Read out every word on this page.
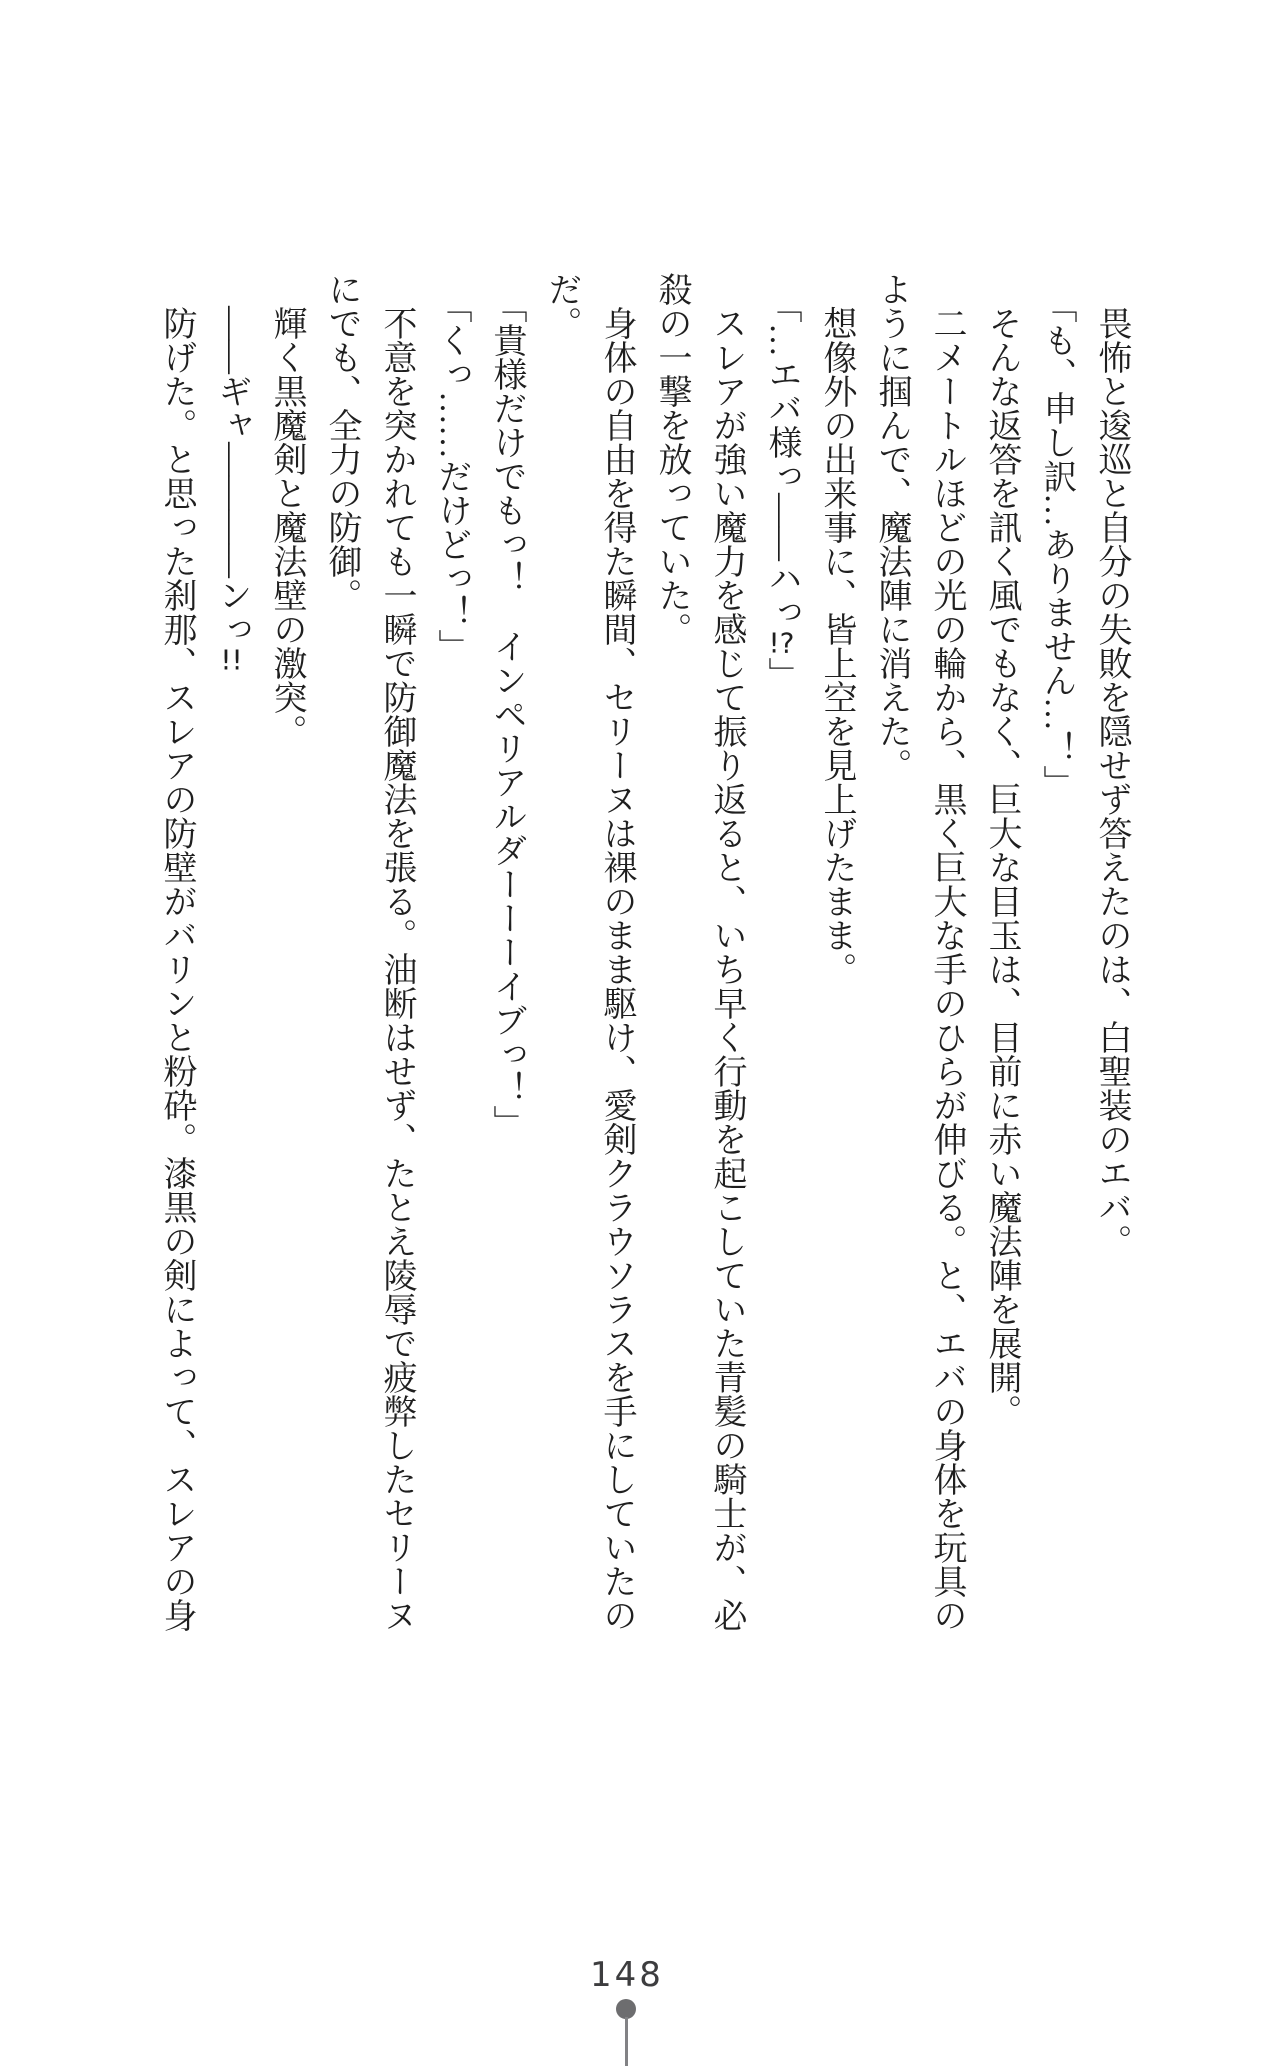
畏怖と逡巡と自分の失敗を隠せず答えたのは、白聖装のエバ。

「も、申し訳…ありません…！」

そんな返答を訊く風でもなく、巨大な目玉は、目前に赤い魔法陣を展開。

二メートルほどの光の輪から、黒く巨大な手のひらが伸びる。と、エバの身体を玩具の

ように掴んで、魔法陣に消えた。

想像外の出来事に、皆上空を見上げたまま。

「…エバ様っ――ハっ!?」

スレアが強い魔力を感じて振り返ると、いち早く行動を起こしていた青髪の騎士が、必

殺の一撃を放っていた。

身体の自由を得た瞬間、セリーヌは裸のまま駆け、愛剣クラウソラスを手にしていたの

だ。

「貴様だけでもっ！　インペリアルダーーーイブっ！」

「くっ……だけどっ！」

不意を突かれても一瞬で防御魔法を張る。油断はせず、たとえ陵辱で疲弊したセリーヌ

にでも、全力の防御。

輝く黒魔剣と魔法壁の激突。

――ギャ――――ンっ!!

防げた。と思った刹那、スレアの防壁がバリンと粉砕。漆黒の剣によって、スレアの身

148
